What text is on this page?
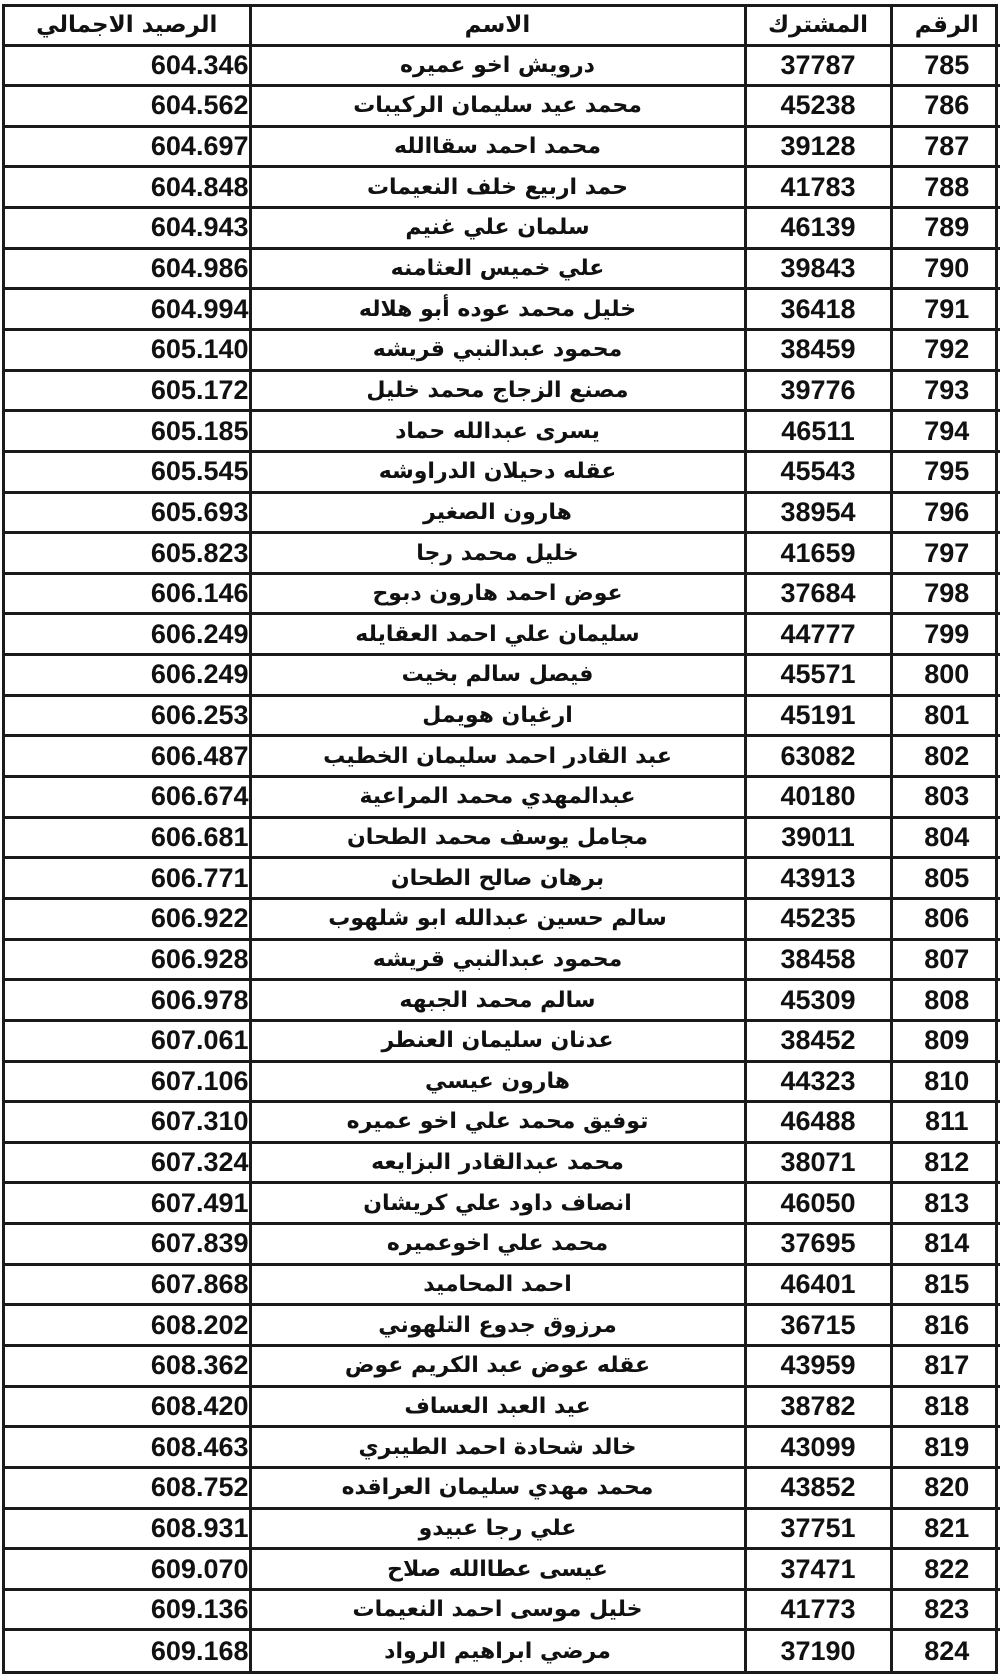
الرقم	المشترك	الاسم	الرصيد الاجمالي
785	37787	درويش اخو عميره	604.346
786	45238	محمد عيد سليمان الركيبات	604.562
787	39128	محمد احمد سقاالله	604.697
788	41783	حمد اربيع خلف النعيمات	604.848
789	46139	سلمان علي غنيم	604.943
790	39843	علي خميس العثامنه	604.986
791	36418	خليل محمد عوده أبو هلاله	604.994
792	38459	محمود عبدالنبي قريشه	605.140
793	39776	مصنع الزجاج محمد خليل	605.172
794	46511	يسرى عبدالله حماد	605.185
795	45543	عقله دحيلان الدراوشه	605.545
796	38954	هارون الصغير	605.693
797	41659	خليل محمد رجا	605.823
798	37684	عوض احمد هارون دبوح	606.146
799	44777	سليمان علي احمد العقايله	606.249
800	45571	فيصل سالم بخيت	606.249
801	45191	ارغيان هويمل	606.253
802	63082	عبد القادر احمد سليمان الخطيب	606.487
803	40180	عبدالمهدي محمد المراعية	606.674
804	39011	مجامل يوسف محمد الطحان	606.681
805	43913	برهان صالح الطحان	606.771
806	45235	سالم حسين عبدالله ابو شلهوب	606.922
807	38458	محمود عبدالنبي قريشه	606.928
808	45309	سالم محمد الجبهه	606.978
809	38452	عدنان سليمان العنطر	607.061
810	44323	هارون عيسي	607.106
811	46488	توفيق محمد علي اخو عميره	607.310
812	38071	محمد عبدالقادر البزايعه	607.324
813	46050	انصاف داود علي كريشان	607.491
814	37695	محمد علي اخوعميره	607.839
815	46401	احمد المحاميد	607.868
816	36715	مرزوق جدوع التلهوني	608.202
817	43959	عقله عوض عبد الكريم عوض	608.362
818	38782	عيد العبد العساف	608.420
819	43099	خالد شحادة احمد الطيبري	608.463
820	43852	محمد مهدي سليمان العراقده	608.752
821	37751	علي رجا عبيدو	608.931
822	37471	عيسى عطاالله صلاح	609.070
823	41773	خليل موسى احمد النعيمات	609.136
824	37190	مرضي ابراهيم الرواد	609.168
